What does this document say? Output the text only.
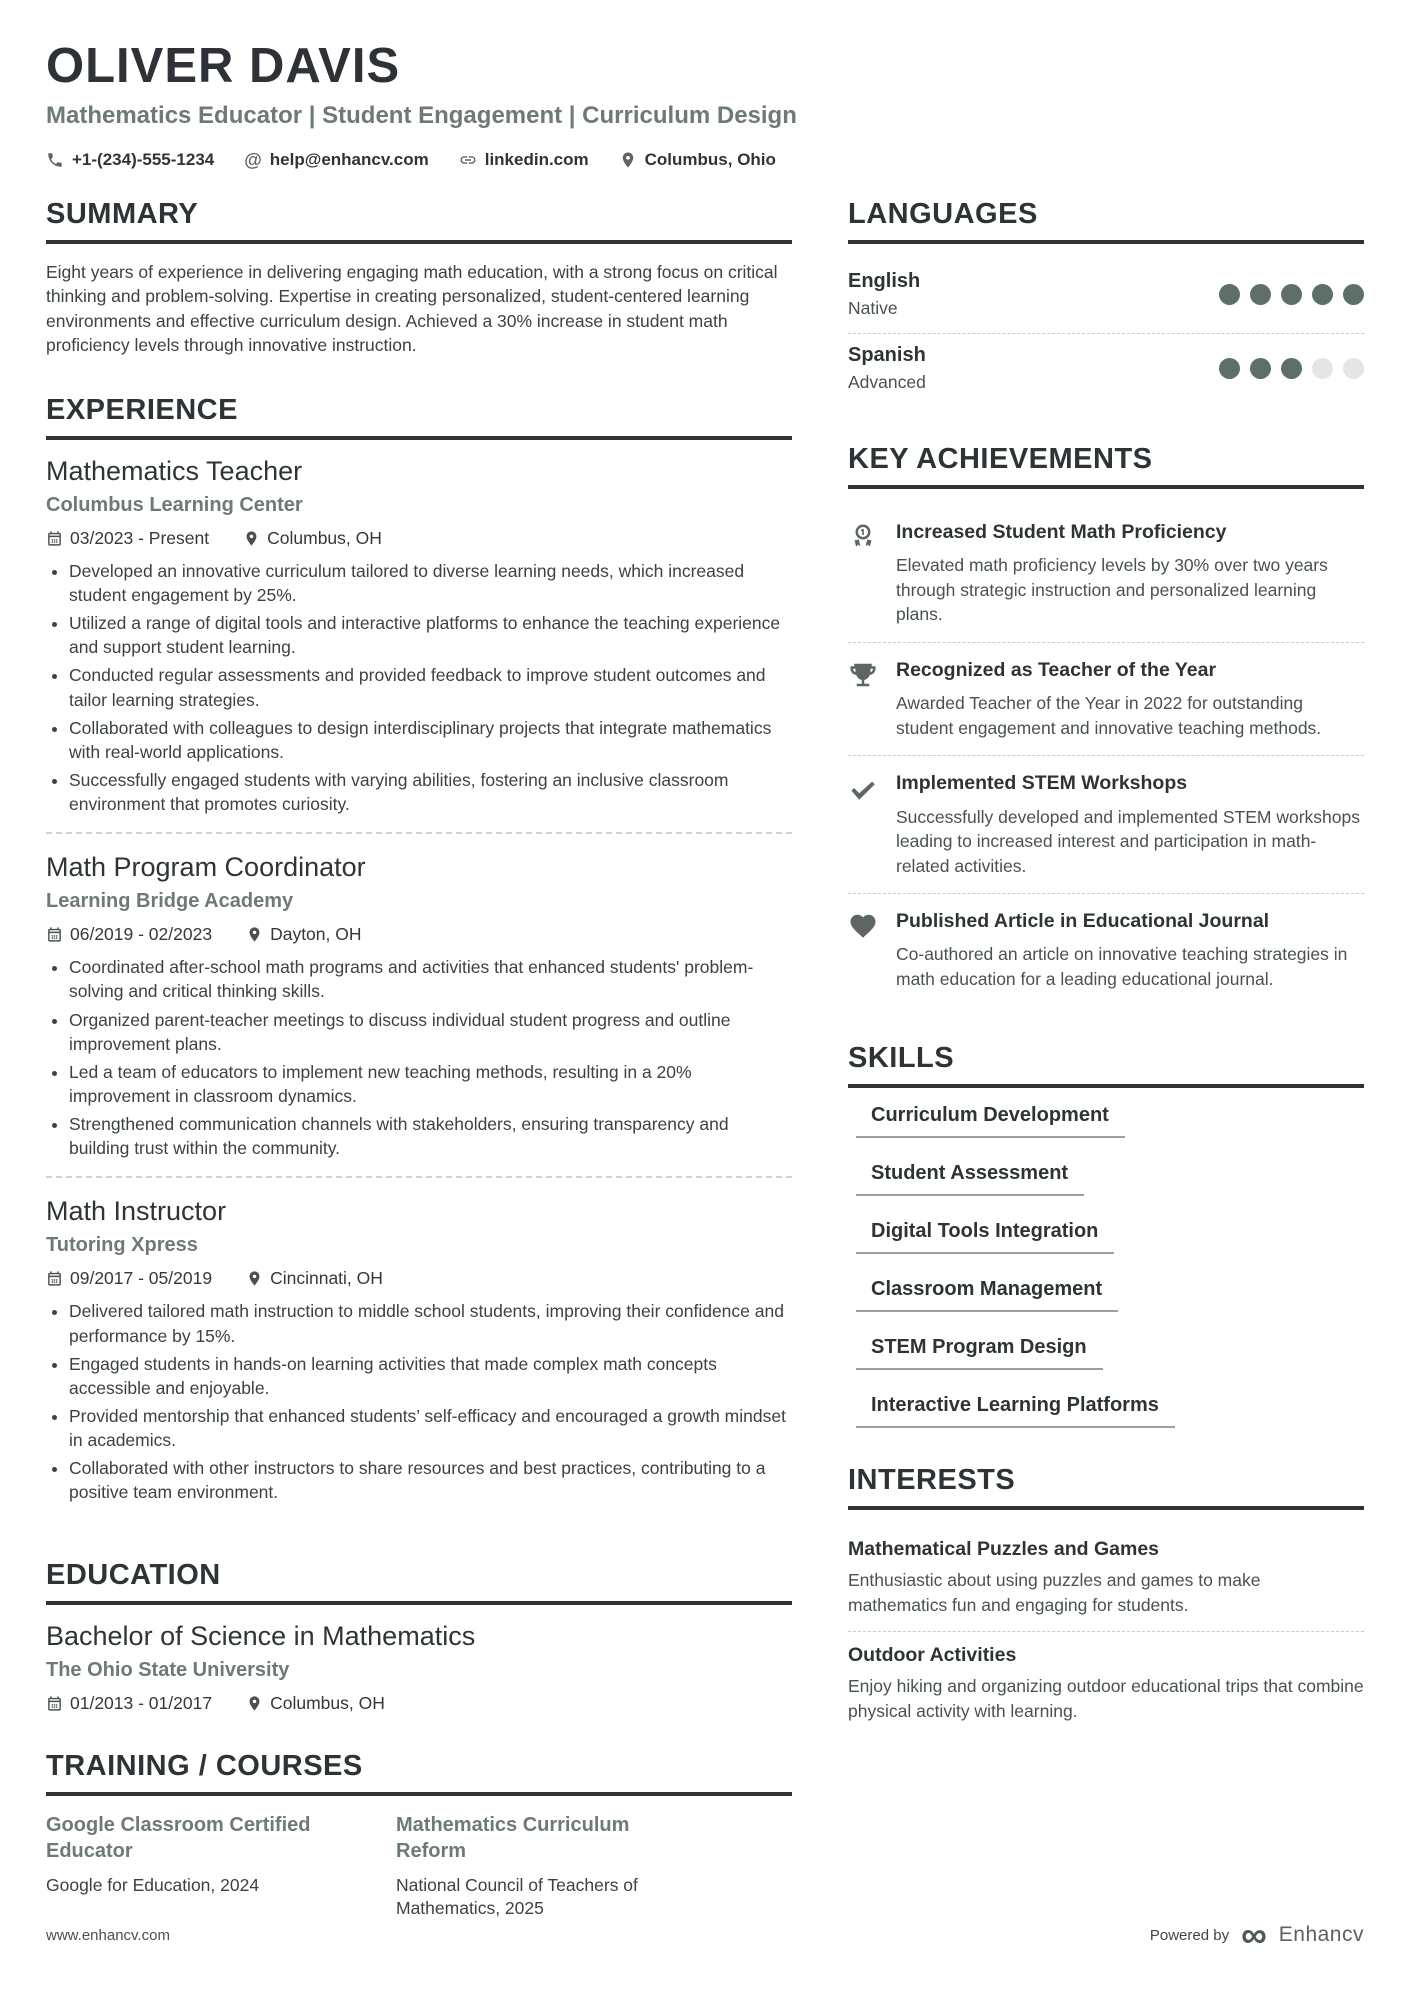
OLIVER DAVIS
Mathematics Educator | Student Engagement | Curriculum Design
+1-(234)-555-1234 @ help@enhancv.com	linkedin.com	Columbus, Ohio
SUMMARY

Eight years of experience in delivering engaging math education, with a strong focus on critical thinking and problem-solving. Expertise in creating personalized, student-centered learning environments and effective curriculum design. Achieved a 30% increase in student math proficiency levels through innovative instruction.

EXPERIENCE
Mathematics Teacher
Columbus Learning Center
03/2023 - Present	Columbus, OH
• Developed an innovative curriculum tailored to diverse learning needs, which increased student engagement by 25%.
• Utilized a range of digital tools and interactive platforms to enhance the teaching experience and support student learning.
• Conducted regular assessments and provided feedback to improve student outcomes and tailor learning strategies.
• Collaborated with colleagues to design interdisciplinary projects that integrate mathematics with real-world applications.
• Successfully engaged students with varying abilities, fostering an inclusive classroom environment that promotes curiosity.
Math Program Coordinator
Learning Bridge Academy
06/2019 - 02/2023	Dayton, OH
• Coordinated after-school math programs and activities that enhanced students' problem-solving and critical thinking skills.
• Organized parent-teacher meetings to discuss individual student progress and outline improvement plans.
• Led a team of educators to implement new teaching methods, resulting in a 20% improvement in classroom dynamics.
• Strengthened communication channels with stakeholders, ensuring transparency and building trust within the community.
Math Instructor
Tutoring Xpress
09/2017 - 05/2019	Cincinnati, OH
• Delivered tailored math instruction to middle school students, improving their confidence and performance by 15%.
• Engaged students in hands-on learning activities that made complex math concepts accessible and enjoyable.
• Provided mentorship that enhanced students’ self-efficacy and encouraged a growth mindset in academics.
• Collaborated with other instructors to share resources and best practices, contributing to a positive team environment.
EDUCATION
Bachelor of Science in Mathematics
The Ohio State University
01/2013 - 01/2017	Columbus, OH
TRAINING / COURSES
Google Classroom Certified Educator
Google for Education, 2024
Mathematics Curriculum Reform
National Council of Teachers of Mathematics, 2025
LANGUAGES
English
Native
Spanish
Advanced
KEY ACHIEVEMENTS
Increased Student Math Proficiency
Elevated math proficiency levels by 30% over two years through strategic instruction and personalized learning plans.
Recognized as Teacher of the Year
Awarded Teacher of the Year in 2022 for outstanding student engagement and innovative teaching methods.
Implemented STEM Workshops
Successfully developed and implemented STEM workshops leading to increased interest and participation in math-related activities.
Published Article in Educational Journal
Co-authored an article on innovative teaching strategies in math education for a leading educational journal.
SKILLS
Curriculum Development
Student Assessment
Digital Tools Integration
Classroom Management
STEM Program Design
Interactive Learning Platforms
INTERESTS
Mathematical Puzzles and Games
Enthusiastic about using puzzles and games to make mathematics fun and engaging for students.
Outdoor Activities
Enjoy hiking and organizing outdoor educational trips that combine physical activity with learning.
www.enhancv.com	Powered by ∞ Enhancv
